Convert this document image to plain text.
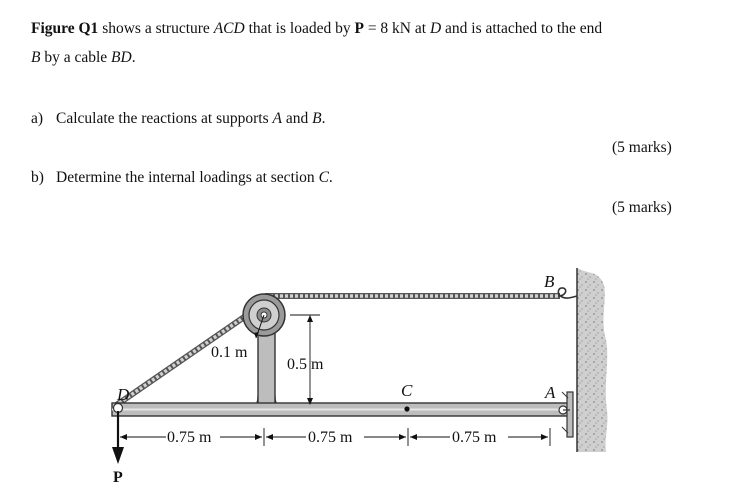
Figure Q1 shows a structure ACD that is loaded by P = 8 kN at D and is attached to the end
B by a cable BD.
a) Calculate the reactions at supports A and B.
(5 marks)
b) Determine the internal loadings at section C.
(5 marks)
B
A
C
D
P
0.1 m
0.5 m
0.75 m	0.75 m	0.75 m
